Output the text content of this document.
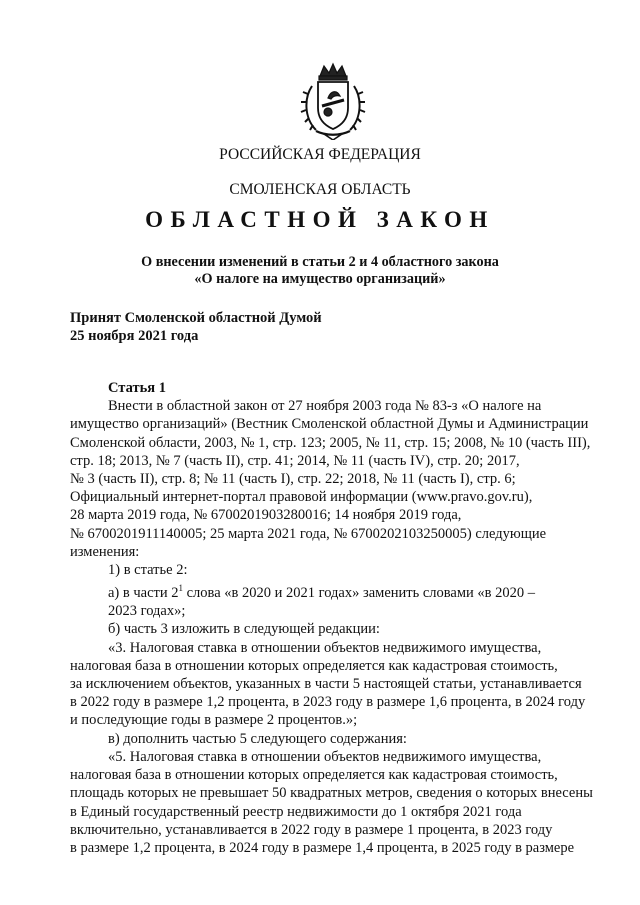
РОССИЙСКАЯ ФЕДЕРАЦИЯ
СМОЛЕНСКАЯ ОБЛАСТЬ
ОБЛАСТНОЙ ЗАКОН
О внесении изменений в статьи 2 и 4 областного закона
«О налоге на имущество организаций»
Принят Смоленской областной Думой
25 ноября 2021 года

Статья 1

Внести в областной закон от 27 ноября 2003 года № 83-з «О налоге на

имущество организаций» (Вестник Смоленской областной Думы и Администрации

Смоленской области, 2003, № 1, стр. 123; 2005, № 11, стр. 15; 2008, № 10 (часть III),

стр. 18; 2013, № 7 (часть II), стр. 41; 2014, № 11 (часть IV), стр. 20; 2017,

№ 3 (часть II), стр. 8; № 11 (часть I), стр. 22; 2018, № 11 (часть I), стр. 6;

Официальный интернет-портал правовой информации (www.pravo.gov.ru),

28 марта 2019 года, № 6700201903280016; 14 ноября 2019 года,

№ 6700201911140005; 25 марта 2021 года, № 6700202103250005) следующие

изменения:

1) в статье 2:

а) в части $2^1$ слова «в 2020 и 2021 годах» заменить словами «в 2020 –

2023 годах»;

б) часть 3 изложить в следующей редакции:

«3. Налоговая ставка в отношении объектов недвижимого имущества,

налоговая база в отношении которых определяется как кадастровая стоимость,

за исключением объектов, указанных в части 5 настоящей статьи, устанавливается

в 2022 году в размере 1,2 процента, в 2023 году в размере 1,6 процента, в 2024 году

и последующие годы в размере 2 процентов.»;

в) дополнить частью 5 следующего содержания:

«5. Налоговая ставка в отношении объектов недвижимого имущества,

налоговая база в отношении которых определяется как кадастровая стоимость,

площадь которых не превышает 50 квадратных метров, сведения о которых внесены

в Единый государственный реестр недвижимости до 1 октября 2021 года

включительно, устанавливается в 2022 году в размере 1 процента, в 2023 году

в размере 1,2 процента, в 2024 году в размере 1,4 процента, в 2025 году в размере
